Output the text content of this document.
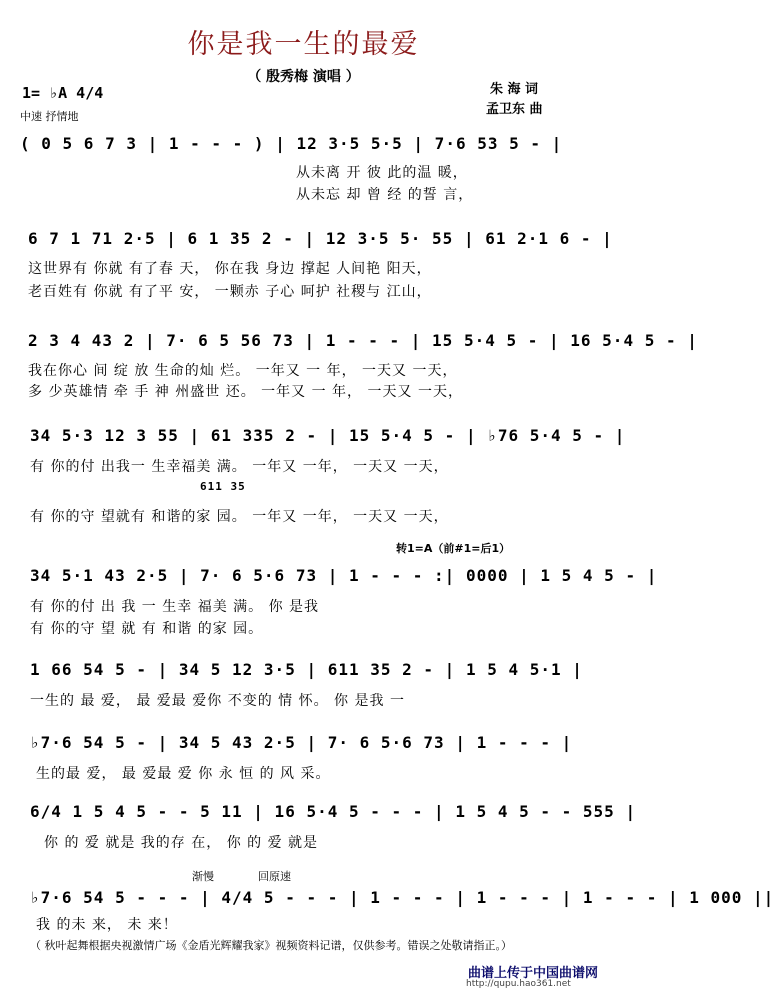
你是我一生的最爱
（ 殷秀梅 演唱 ）
朱 海 词
孟卫东 曲
1= ♭A 4/4
中速 抒情地
( 0 5 6 7 3 | 1 - - - ) | 12 3·5 5·5 | 7·6 53 5 - |
从未离 开 彼 此的温 暖，
从未忘 却 曾 经 的誓 言，
6 7 1 71 2·5 | 6 1 35 2 - | 12 3·5 5· 55 | 61 2·1 6 - |
这世界有 你就 有了春 天， 你在我 身边 撑起 人间艳 阳天，
老百姓有 你就 有了平 安， 一颗赤 子心 呵护 社稷与 江山，
2 3 4 43 2 | 7· 6 5 56 73 | 1 - - - | 15 5·4 5 - | 16 5·4 5 - |
我在你心 间 绽 放 生命的灿 烂。 一年又 一 年， 一天又 一天，
多 少英雄情 牵 手 神 州盛世 还。 一年又 一 年， 一天又 一天，
34 5·3 12 3 55 | 61 335 2 - | 15 5·4 5 - | ♭76 5·4 5 - |
有 你的付 出我一 生幸福美 满。 一年又 一年， 一天又 一天，
611 35
有 你的守 望就有 和谐的家 园。 一年又 一年， 一天又 一天，
转1=A（前#1=后1）
34 5·1 43 2·5 | 7· 6 5·6 73 | 1 - - - :| 0000 | 1 5 4 5 - |
有 你的付 出 我 一 生幸 福美 满。 你 是我
有 你的守 望 就 有 和谐 的家 园。
1 66 54 5 - | 34 5 12 3·5 | 611 35 2 - | 1 5 4 5·1 |
一生的 最 爱， 最 爱最 爱你 不变的 情 怀。 你 是我 一
♭7·6 54 5 - | 34 5 43 2·5 | 7· 6 5·6 73 | 1 - - - |
生的最 爱， 最 爱最 爱 你 永 恒 的 风 采。
6/4 1 5 4 5 - - 5 11 | 16 5·4 5 - - - | 1 5 4 5 - - 555 |
你 的 爱 就是 我的存 在， 你 的 爱 就是
渐慢	回原速
♭7·6 54 5 - - - | 4/4 5 - - - | 1 - - - | 1 - - - | 1 - - - | 1 000 ||
我 的未 来， 未 来！
（ 秋叶起舞根据央视激情广场《金盾光辉耀我家》视频资料记谱，仅供参考。错误之处敬请指正。）
曲谱上传于中国曲谱网
http://qupu.hao361.net
